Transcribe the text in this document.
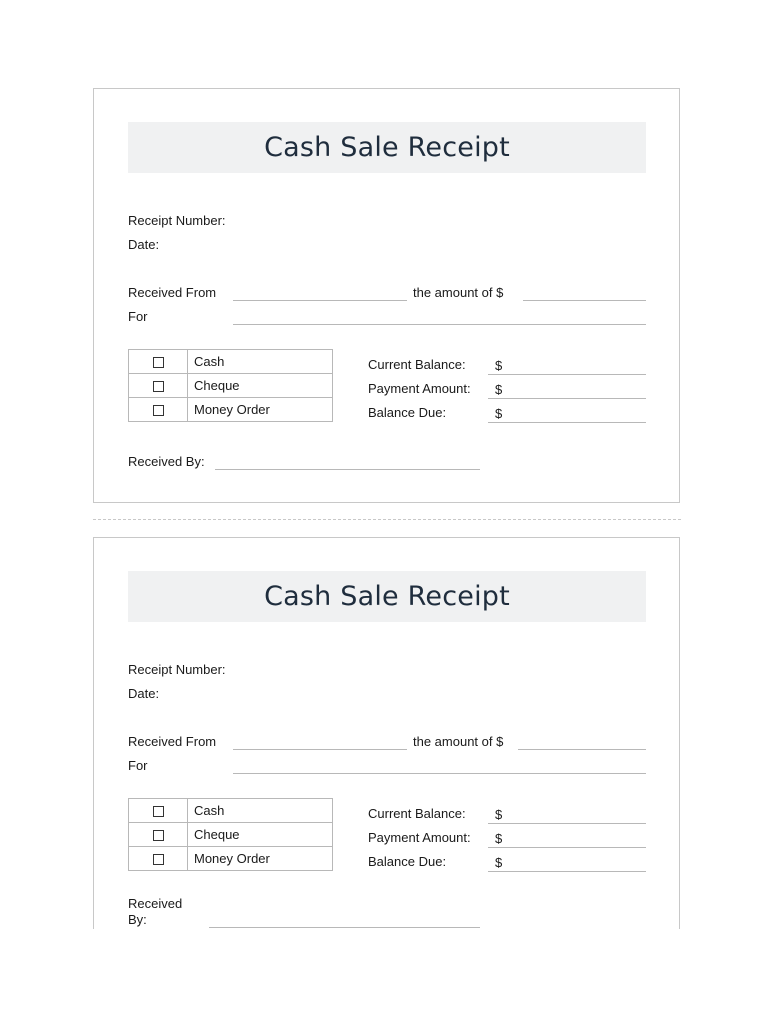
Cash Sale Receipt
Receipt Number:
Date:
Received From	the amount of $
For
	Cash
	Cheque
	Money Order
Current Balance: $
Payment Amount: $
Balance Due:	$
Received By:
Cash Sale Receipt
Receipt Number:
Date:
Received From	the amount of $
For
	Cash
	Cheque
	Money Order
Current Balance: $
Payment Amount: $
Balance Due:	$
Received
By:
